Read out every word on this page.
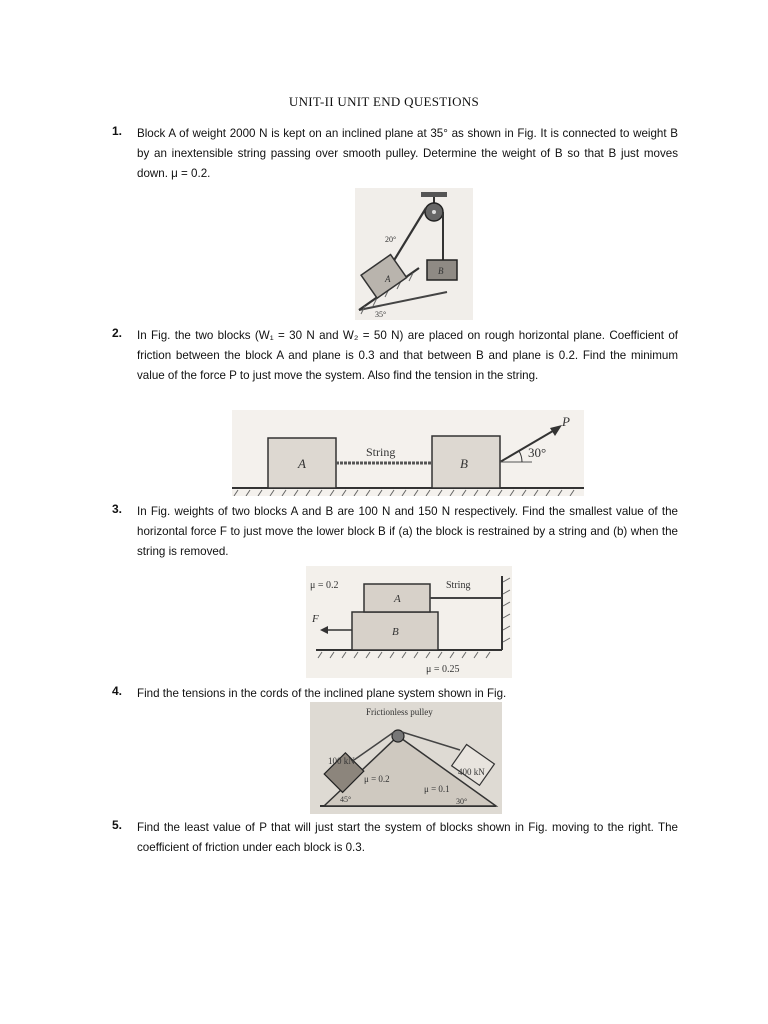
UNIT-II UNIT END QUESTIONS
1. Block A of weight 2000 N is kept on an inclined plane at 35° as shown in Fig. It is connected to weight B by an inextensible string passing over smooth pulley. Determine the weight of B so that B just moves down. μ = 0.2.
A
B
20°
35°
2. In Fig. the two blocks (W₁ = 30 N and W₂ = 50 N) are placed on rough horizontal plane. Coefficient of friction between the block A and plane is 0.3 and that between B and plane is 0.2. Find the minimum value of the force P to just move the system. Also find the tension in the string.
A
String
B
P
30°
3. In Fig. weights of two blocks A and B are 100 N and 150 N respectively. Find the smallest value of the horizontal force F to just move the lower block B if (a) the block is restrained by a string and (b) when the string is removed.
B
A
String
μ = 0.2
F
μ = 0.25
4. Find the tensions in the cords of the inclined plane system shown in Fig.
Frictionless pulley
100 kN
400 kN
μ = 0.2
μ = 0.1
45°	30°
5. Find the least value of P that will just start the system of blocks shown in Fig. moving to the right. The coefficient of friction under each block is 0.3.
